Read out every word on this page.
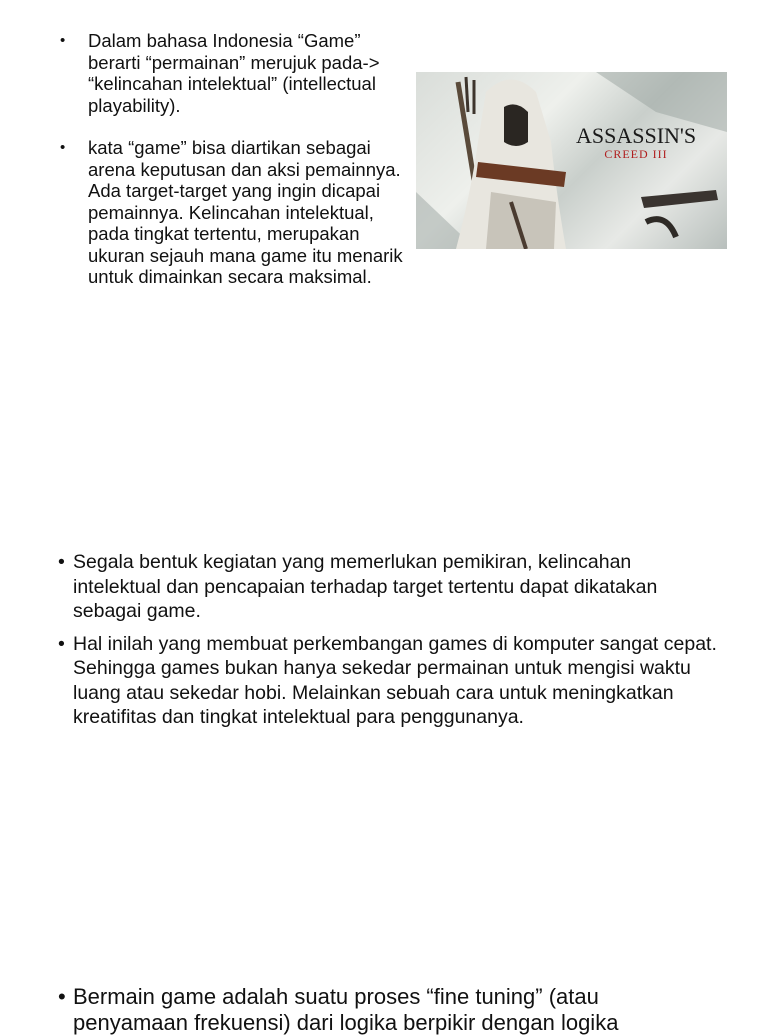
• Dalam bahasa Indonesia “Game” berarti “permainan” merujuk pada-> “kelincahan intelektual” (intellectual playability).
• kata “game” bisa diartikan sebagai arena keputusan dan aksi pemainnya. Ada target-target yang ingin dicapai pemainnya. Kelincahan intelektual, pada tingkat tertentu, merupakan ukuran sejauh mana game itu menarik untuk dimainkan secara maksimal.
ASSASSIN'S
CREED III
• Segala bentuk kegiatan yang memerlukan pemikiran, kelincahan intelektual dan pencapaian terhadap target tertentu dapat dikatakan sebagai game.
• Hal inilah yang membuat perkembangan games di komputer sangat cepat. Sehingga games bukan hanya sekedar permainan untuk mengisi waktu luang atau sekedar hobi. Melainkan sebuah cara untuk meningkatkan kreatifitas dan tingkat intelektual para penggunanya.
• Bermain game adalah suatu proses “fine tuning” (atau penyamaan frekuensi) dari logika berpikir dengan logika
